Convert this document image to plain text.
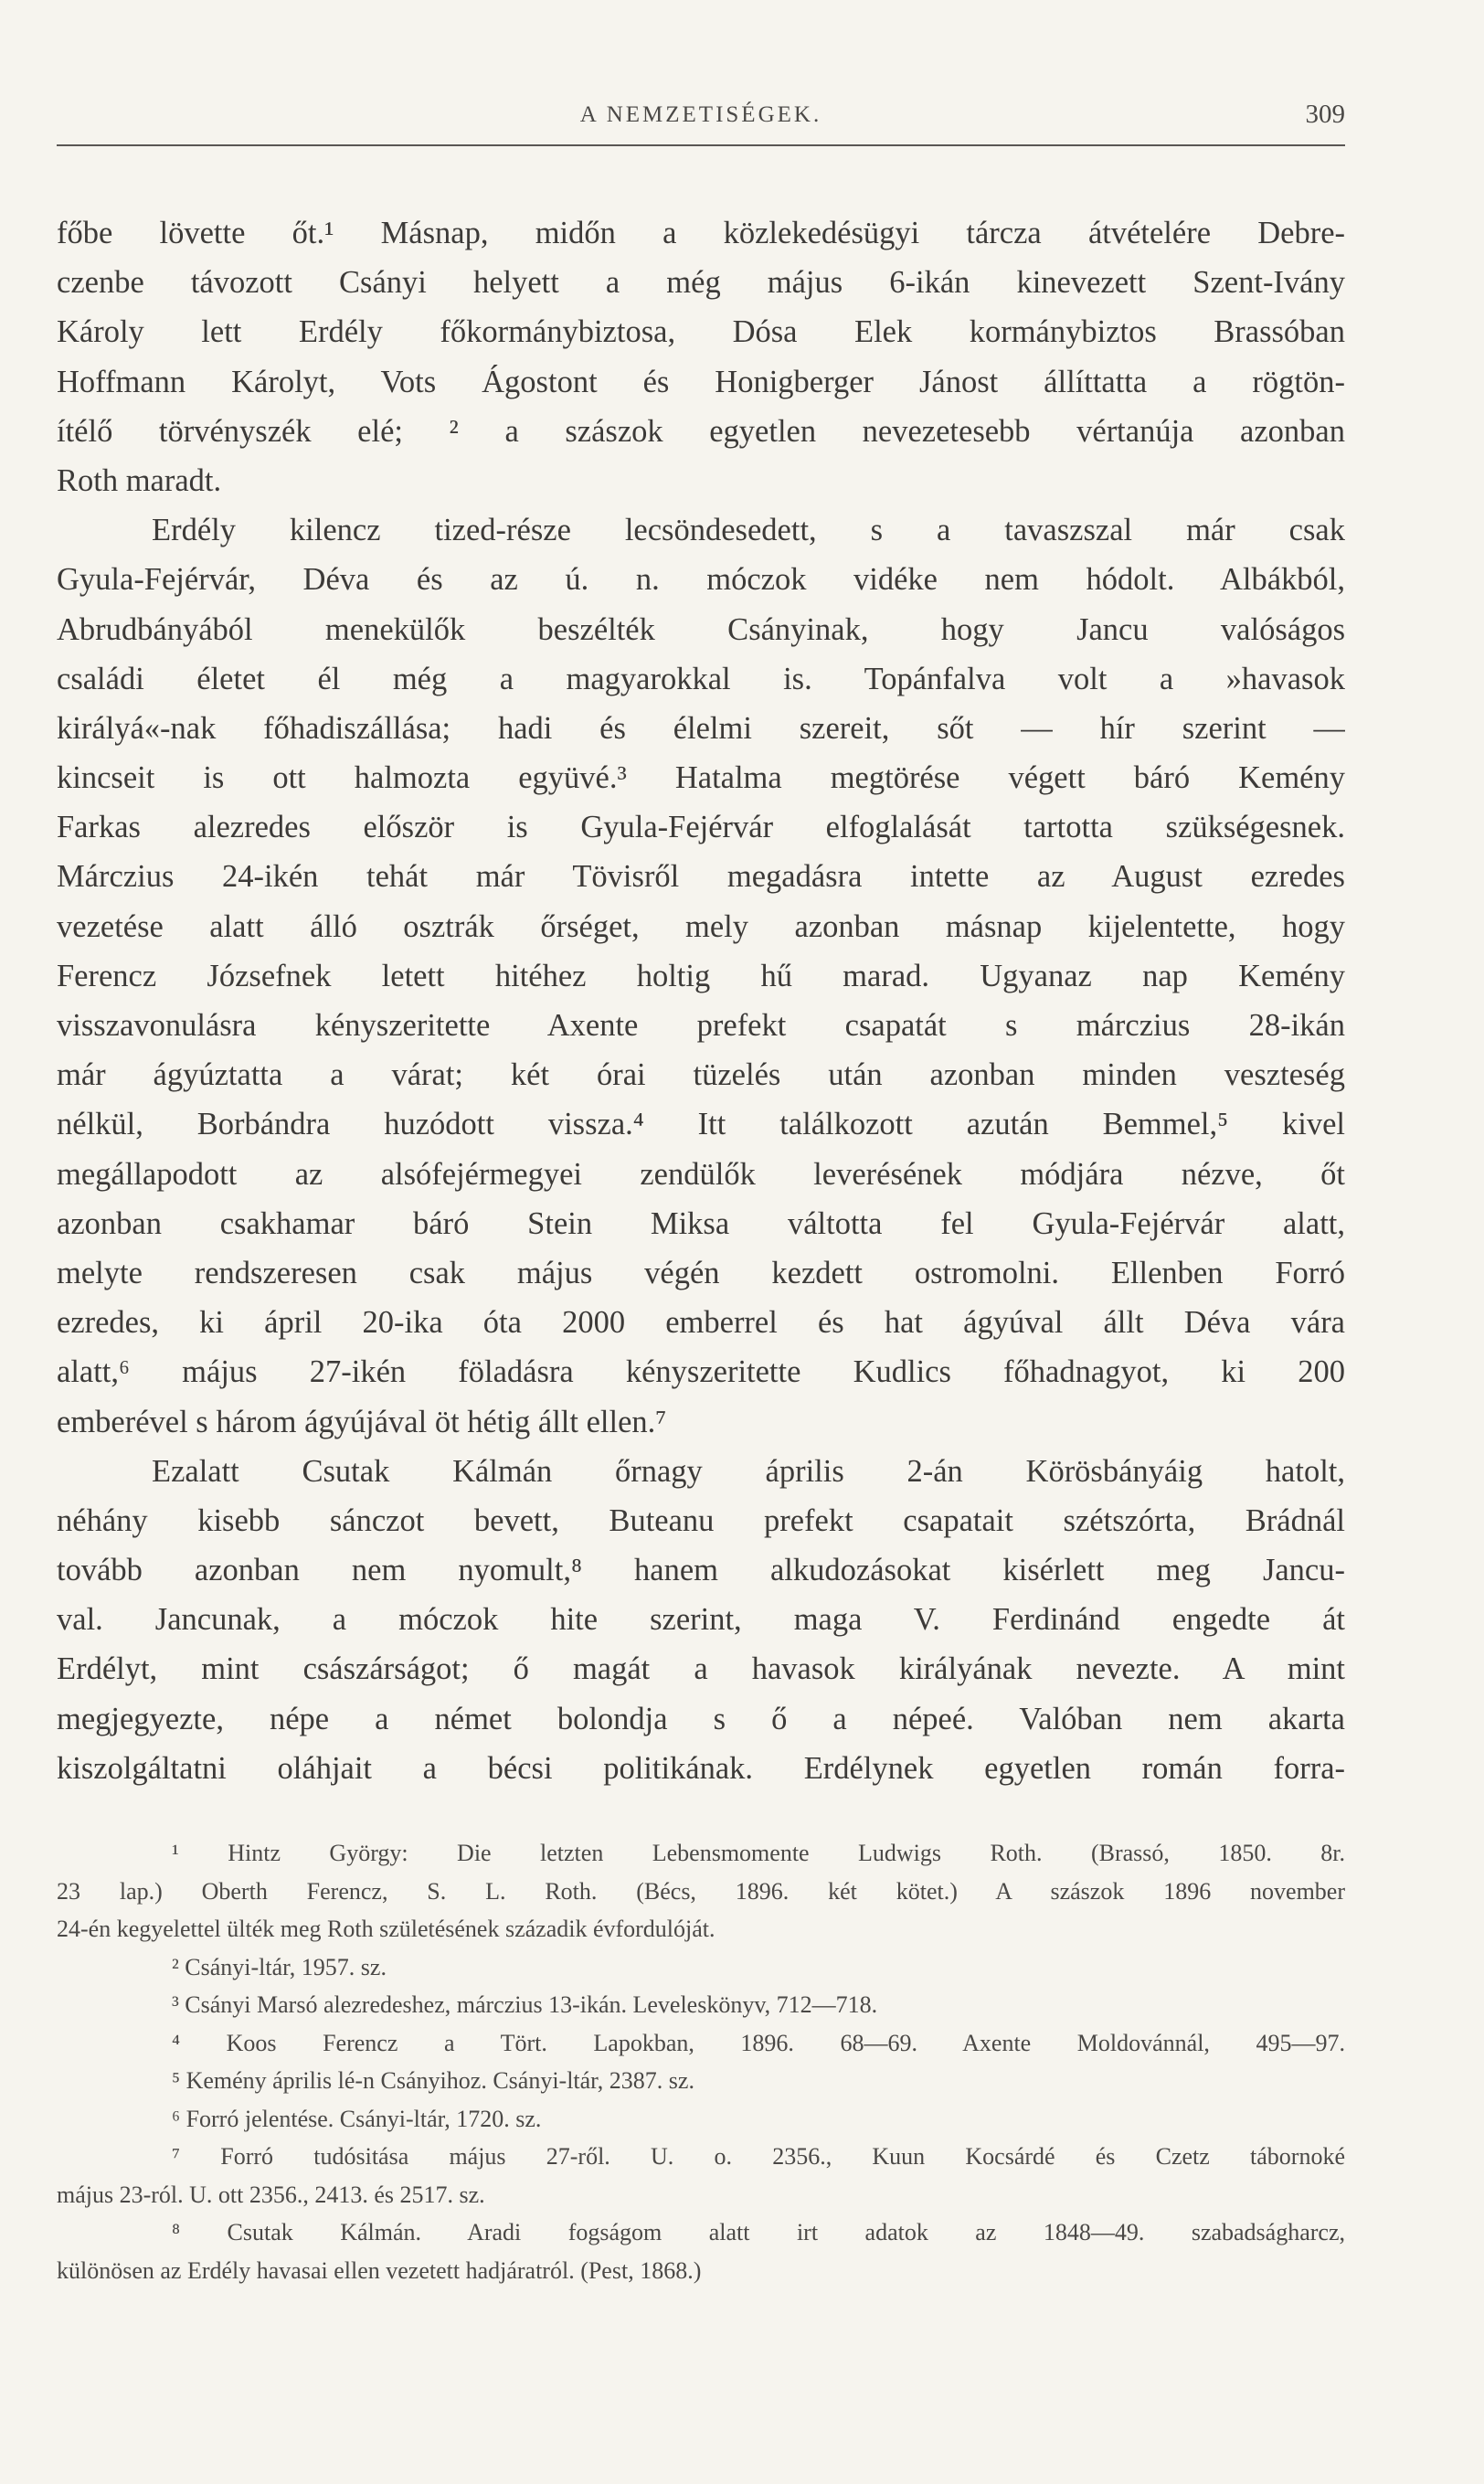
A NEMZETISÉGEK.	309
főbe lövette őt.¹ Másnap, midőn a közlekedésügyi tárcza átvételére Debre-
czenbe távozott Csányi helyett a még május 6-ikán kinevezett Szent-Ivány
Károly lett Erdély főkormánybiztosa, Dósa Elek kormánybiztos Brassóban
Hoffmann Károlyt, Vots Ágostont és Honigberger Jánost állíttatta a rögtön-
ítélő törvényszék elé; ² a szászok egyetlen nevezetesebb vértanúja azonban
Roth maradt.
Erdély kilencz tized-része lecsöndesedett, s a tavaszszal már csak
Gyula-Fejérvár, Déva és az ú. n. móczok vidéke nem hódolt. Albákból,
Abrudbányából menekülők beszélték Csányinak, hogy Jancu valóságos
családi életet él még a magyarokkal is. Topánfalva volt a »havasok
királyá«-nak főhadiszállása; hadi és élelmi szereit, sőt — hír szerint —
kincseit is ott halmozta együvé.³ Hatalma megtörése végett báró Kemény
Farkas alezredes először is Gyula-Fejérvár elfoglalását tartotta szükségesnek.
Márczius 24-ikén tehát már Tövisről megadásra intette az August ezredes
vezetése alatt álló osztrák őrséget, mely azonban másnap kijelentette, hogy
Ferencz Józsefnek letett hitéhez holtig hű marad. Ugyanaz nap Kemény
visszavonulásra kényszeritette Axente prefekt csapatát s márczius 28-ikán
már ágyúztatta a várat; két órai tüzelés után azonban minden veszteség
nélkül, Borbándra huzódott vissza.⁴ Itt találkozott azután Bemmel,⁵ kivel
megállapodott az alsófejérmegyei zendülők leverésének módjára nézve, őt
azonban csakhamar báró Stein Miksa váltotta fel Gyula-Fejérvár alatt,
melyte rendszeresen csak május végén kezdett ostromolni. Ellenben Forró
ezredes, ki ápril 20-ika óta 2000 emberrel és hat ágyúval állt Déva vára
alatt,⁶ május 27-ikén föladásra kényszeritette Kudlics főhadnagyot, ki 200
emberével s három ágyújával öt hétig állt ellen.⁷
Ezalatt Csutak Kálmán őrnagy április 2-án Körösbányáig hatolt,
néhány kisebb sánczot bevett, Buteanu prefekt csapatait szétszórta, Brádnál
tovább azonban nem nyomult,⁸ hanem alkudozásokat kisérlett meg Jancu-
val. Jancunak, a móczok hite szerint, maga V. Ferdinánd engedte át
Erdélyt, mint császárságot; ő magát a havasok királyának nevezte. A mint
megjegyezte, népe a német bolondja s ő a népeé. Valóban nem akarta
kiszolgáltatni oláhjait a bécsi politikának. Erdélynek egyetlen román forra-
¹ Hintz György: Die letzten Lebensmomente Ludwigs Roth. (Brassó, 1850. 8r.
23 lap.) Oberth Ferencz, S. L. Roth. (Bécs, 1896. két kötet.) A szászok 1896 november
24-én kegyelettel ülték meg Roth születésének századik évfordulóját.
² Csányi-ltár, 1957. sz.
³ Csányi Marsó alezredeshez, márczius 13-ikán. Leveleskönyv, 712—718.
⁴ Koos Ferencz a Tört. Lapokban, 1896. 68—69. Axente Moldovánnál, 495—97.
⁵ Kemény április lé-n Csányihoz. Csányi-ltár, 2387. sz.
⁶ Forró jelentése. Csányi-ltár, 1720. sz.
⁷ Forró tudósitása május 27-ről. U. o. 2356., Kuun Kocsárdé és Czetz tábornoké
május 23-ról. U. ott 2356., 2413. és 2517. sz.
⁸ Csutak Kálmán. Aradi fogságom alatt irt adatok az 1848—49. szabadságharcz,
különösen az Erdély havasai ellen vezetett hadjáratról. (Pest, 1868.)
